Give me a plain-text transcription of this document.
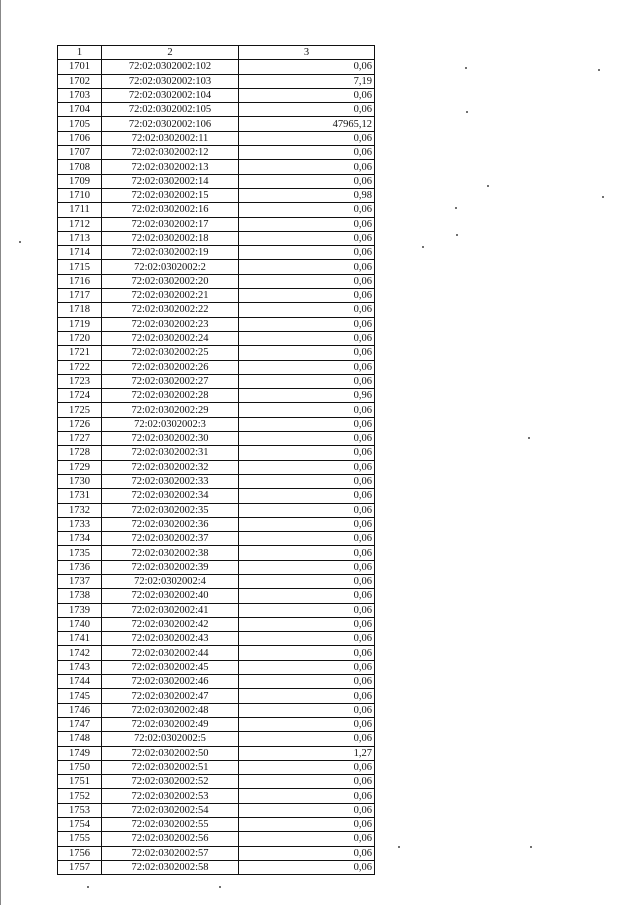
1	2	3
1701	72:02:0302002:102	0,06
1702	72:02:0302002:103	7,19
1703	72:02:0302002:104	0,06
1704	72:02:0302002:105	0,06
1705	72:02:0302002:106	47965,12
1706	72:02:0302002:11	0,06
1707	72:02:0302002:12	0,06
1708	72:02:0302002:13	0,06
1709	72:02:0302002:14	0,06
1710	72:02:0302002:15	0,98
1711	72:02:0302002:16	0,06
1712	72:02:0302002:17	0,06
1713	72:02:0302002:18	0,06
1714	72:02:0302002:19	0,06
1715	72:02:0302002:2	0,06
1716	72:02:0302002:20	0,06
1717	72:02:0302002:21	0,06
1718	72:02:0302002:22	0,06
1719	72:02:0302002:23	0,06
1720	72:02:0302002:24	0,06
1721	72:02:0302002:25	0,06
1722	72:02:0302002:26	0,06
1723	72:02:0302002:27	0,06
1724	72:02:0302002:28	0,96
1725	72:02:0302002:29	0,06
1726	72:02:0302002:3	0,06
1727	72:02:0302002:30	0,06
1728	72:02:0302002:31	0,06
1729	72:02:0302002:32	0,06
1730	72:02:0302002:33	0,06
1731	72:02:0302002:34	0,06
1732	72:02:0302002:35	0,06
1733	72:02:0302002:36	0,06
1734	72:02:0302002:37	0,06
1735	72:02:0302002:38	0,06
1736	72:02:0302002:39	0,06
1737	72:02:0302002:4	0,06
1738	72:02:0302002:40	0,06
1739	72:02:0302002:41	0,06
1740	72:02:0302002:42	0,06
1741	72:02:0302002:43	0,06
1742	72:02:0302002:44	0,06
1743	72:02:0302002:45	0,06
1744	72:02:0302002:46	0,06
1745	72:02:0302002:47	0,06
1746	72:02:0302002:48	0,06
1747	72:02:0302002:49	0,06
1748	72:02:0302002:5	0,06
1749	72:02:0302002:50	1,27
1750	72:02:0302002:51	0,06
1751	72:02:0302002:52	0,06
1752	72:02:0302002:53	0,06
1753	72:02:0302002:54	0,06
1754	72:02:0302002:55	0,06
1755	72:02:0302002:56	0,06
1756	72:02:0302002:57	0,06
1757	72:02:0302002:58	0,06
